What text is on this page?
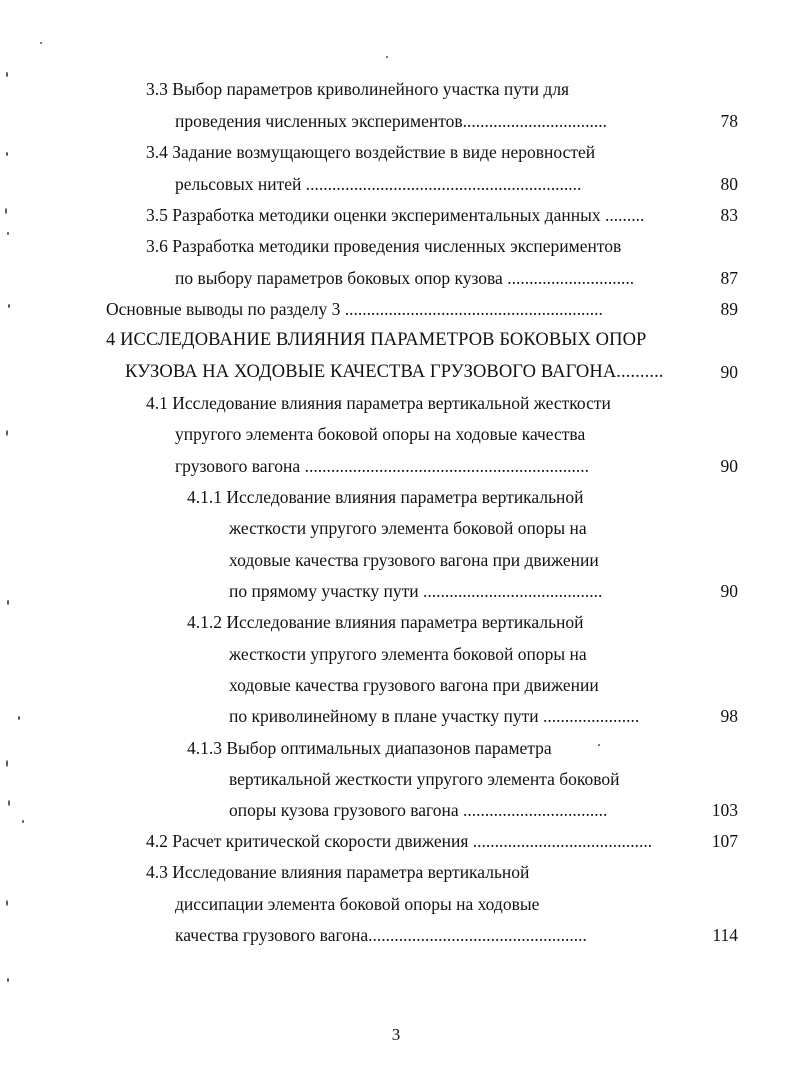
3.3 Выбор параметров криволинейного участка пути для
проведения численных экспериментов.................................	78
3.4 Задание возмущающего воздействие в виде неровностей
рельсовых нитей ...............................................................	80
3.5 Разработка методики оценки экспериментальных данных .........	83
3.6 Разработка методики проведения численных экспериментов
по выбору параметров боковых опор кузова .............................	87
Основные выводы по разделу 3 ...........................................................	89
4 ИССЛЕДОВАНИЕ ВЛИЯНИЯ ПАРАМЕТРОВ БОКОВЫХ ОПОР
КУЗОВА НА ХОДОВЫЕ КАЧЕСТВА ГРУЗОВОГО ВАГОНА..........	90
4.1 Исследование влияния параметра вертикальной жесткости
упругого элемента боковой опоры на ходовые качества
грузового вагона .................................................................	90
4.1.1 Исследование влияния параметра вертикальной
жесткости упругого элемента боковой опоры на
ходовые качества грузового вагона при движении
по прямому участку пути .........................................	90
4.1.2 Исследование влияния параметра вертикальной
жесткости упругого элемента боковой опоры на
ходовые качества грузового вагона при движении
по криволинейному в плане участку пути ......................	98
4.1.3 Выбор оптимальных диапазонов параметра
вертикальной жесткости упругого элемента боковой
опоры кузова грузового вагона .................................	103
4.2 Расчет критической скорости движения .........................................	107
4.3 Исследование влияния параметра вертикальной
диссипации элемента боковой опоры на ходовые
качества грузового вагона..................................................	114
3
